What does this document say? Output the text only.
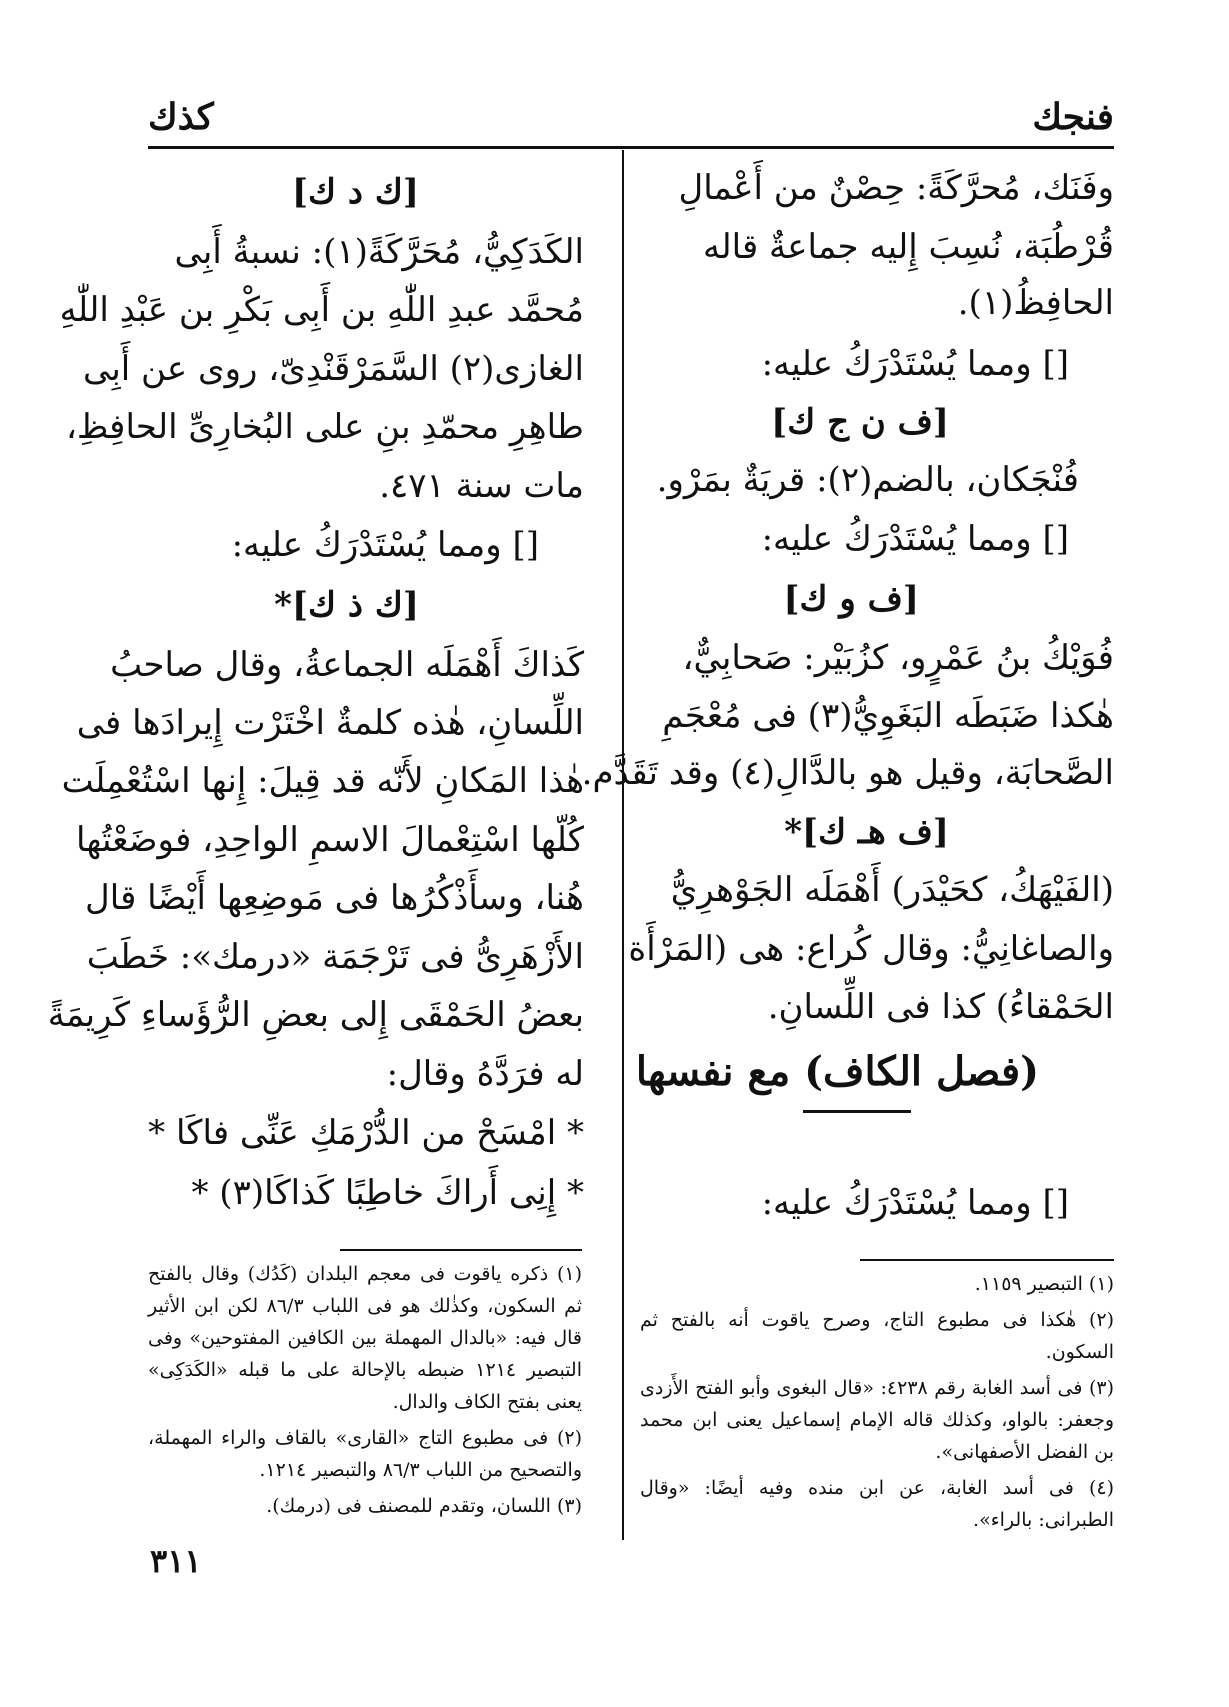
كذك	فنجك
وفَنَك، مُحرَّكَةً: حِصْنٌ من أَعْمالِ
قُرْطُبَة، نُسِبَ إِليه جماعةٌ قاله
الحافِظُ(١).
[] ومما يُسْتَدْرَكُ عليه:
[ف ن ج ك]
فُنْجَكان، بالضم(٢): قريَةٌ بمَرْو.
[] ومما يُسْتَدْرَكُ عليه:
[ف و ك]
فُوَيْكُ بنُ عَمْرٍو، كزُبَيْر: صَحابِيٌّ،
هٰكذا ضَبَطَه البَغَوِيُّ(٣) فى مُعْجَمِ
الصَّحابَة، وقيل هو بالدَّالِ(٤) وقد تَقَدَّم.
[ف هـ ك]*
(الفَيْهَكُ، كحَيْدَر) أَهْمَلَه الجَوْهرِيُّ
والصاغانِيُّ: وقال كُراع: هى (المَرْأَة
الحَمْقاءُ) كذا فى اللِّسانِ.
(فصل الكاف) مع نفسها
[] ومما يُسْتَدْرَكُ عليه:

(١) التبصير ١١٥٩.

(٢) هٰكذا فى مطبوع التاج، وصرح ياقوت أنه بالفتح ثم السكون.

(٣) فى أسد الغابة رقم ٤٢٣٨: «قال البغوى وأبو الفتح الأَزدى وجعفر: بالواو، وكذلك قاله الإمام إسماعيل يعنى ابن محمد بن الفضل الأصفهانى».

(٤) فى أسد الغابة، عن ابن منده وفيه أيضًا: «وقال الطبرانى: بالراء».

[ك د ك]
الكَدَكِيُّ، مُحَرَّكَةً(١): نسبةُ أَبِى
مُحمَّد عبدِ اللّٰهِ بن أَبِى بَكْرِ بن عَبْدِ اللّٰهِ
الغازى(٢) السَّمَرْقَنْدِىّ، روى عن أَبِى
طاهِرِ محمّدِ بنِ على البُخارِىِّ الحافِظِ،
مات سنة ٤٧١.
[] ومما يُسْتَدْرَكُ عليه:
[ك ذ ك]*
كَذاكَ أَهْمَلَه الجماعةُ، وقال صاحبُ
اللِّسانِ، هٰذه كلمةٌ اخْتَرْت إِيرادَها فى
هٰذا المَكانِ لأَنّه قد قِيلَ: إِنها اسْتُعْمِلَت
كُلّها اسْتِعْمالَ الاسمِ الواحِدِ، فوضَعْتُها
هُنا، وسأَذْكُرُها فى مَوضِعِها أَيْضًا قال
الأَزْهَرِىُّ فى تَرْجَمَة «درمك»: خَطَبَ
بعضُ الحَمْقَى إِلى بعضِ الرُّؤَساءِ كَرِيمَةً
له فرَدَّهُ وقال:
* امْسَحْ من الدُّرْمَكِ عَنِّى فاكَا *
* إِنِى أَراكَ خاطِبًا كَذاكَا(٣) *

(١) ذكره ياقوت فى معجم البلدان (كَدُك) وقال بالفتح ثم السكون، وكذٰلك هو فى اللباب ٨٦/٣ لكن ابن الأثير قال فيه: «بالدال المهملة بين الكافين المفتوحين» وفى التبصير ١٢١٤ ضبطه بالإحالة على ما قبله «الكَدَكِى» يعنى بفتح الكاف والدال.

(٢) فى مطبوع التاج «القارى» بالقاف والراء المهملة، والتصحيح من اللباب ٨٦/٣ والتبصير ١٢١٤.

(٣) اللسان، وتقدم للمصنف فى (درمك).

٣١١
